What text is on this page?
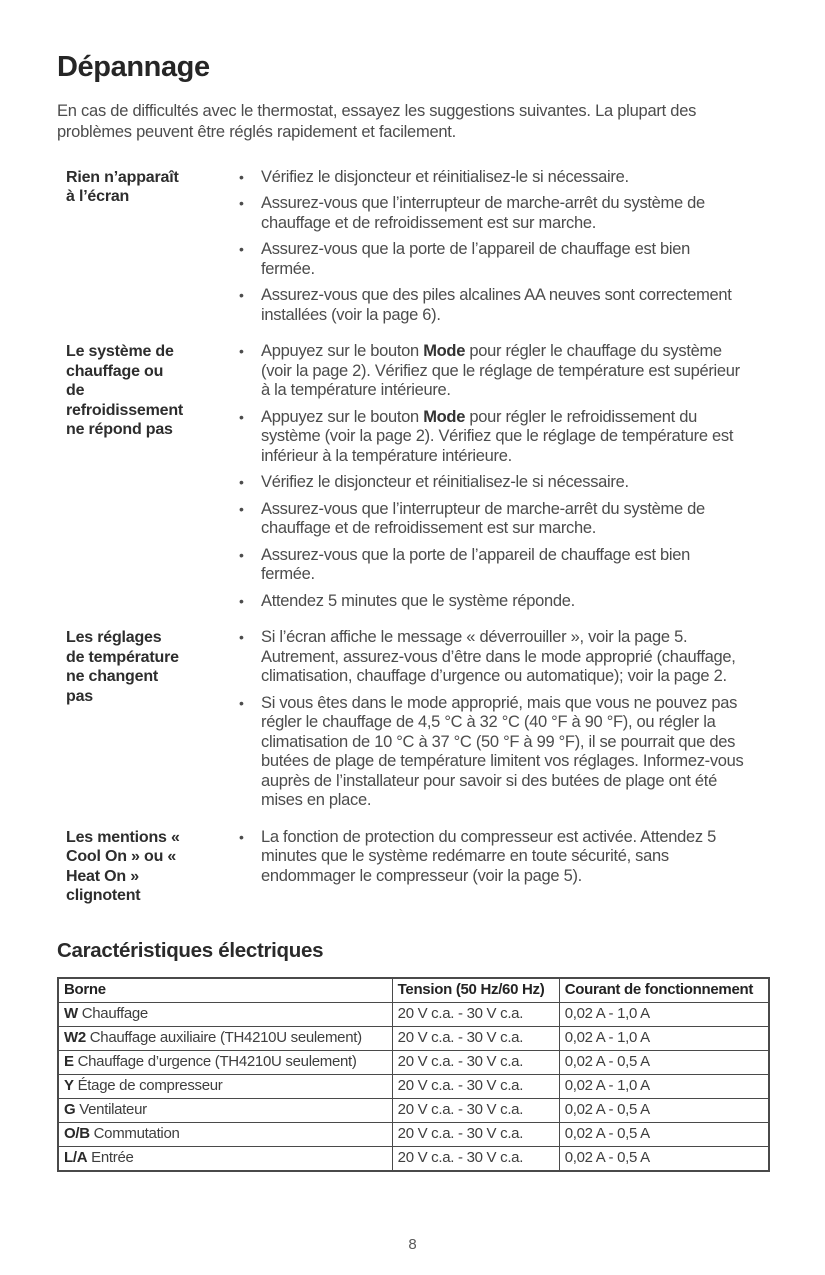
Dépannage

En cas de difficultés avec le thermostat, essayez les suggestions suivantes. La plupart des problèmes peuvent être réglés rapidement et facilement.

Rien n’apparaît à l’écran
•	Vérifiez le disjoncteur et réinitialisez-le si nécessaire.
•	Assurez-vous que l’interrupteur de marche-arrêt du système de chauffage et de refroidissement est sur marche.
•	Assurez-vous que la porte de l’appareil de chauffage est bien fermée.
•	Assurez-vous que des piles alcalines AA neuves sont correctement installées (voir la page 6).
Le système de chauffage ou de refroidissement ne répond pas
•	Appuyez sur le bouton Mode pour régler le chauffage du système (voir la page 2). Vérifiez que le réglage de température est supérieur à la température intérieure.
•	Appuyez sur le bouton Mode pour régler le refroidissement du système (voir la page 2). Vérifiez que le réglage de température est inférieur à la température intérieure.
•	Vérifiez le disjoncteur et réinitialisez-le si nécessaire.
•	Assurez-vous que l’interrupteur de marche-arrêt du système de chauffage et de refroidissement est sur marche.
•	Assurez-vous que la porte de l’appareil de chauffage est bien fermée.
•	Attendez 5 minutes que le système réponde.
Les réglages de température ne changent pas
•	Si l’écran affiche le message « déverrouiller », voir la page 5. Autrement, assurez-vous d’être dans le mode approprié (chauffage, climatisation, chauffage d’urgence ou automatique); voir la page 2.
•	Si vous êtes dans le mode approprié, mais que vous ne pouvez pas régler le chauffage de 4,5 °C à 32 °C (40 °F à 90 °F), ou régler la climatisation de 10 °C à 37 °C (50 °F à 99 °F), il se pourrait que des butées de plage de température limitent vos réglages. Informez-vous auprès de l’installateur pour savoir si des butées de plage ont été mises en place.
Les mentions « Cool On » ou « Heat On » clignotent
•	La fonction de protection du compresseur est activée. Attendez 5 minutes que le système redémarre en toute sécurité, sans endommager le compresseur (voir la page 5).
Caractéristiques électriques
Borne	Tension (50 Hz/60 Hz)	Courant de fonctionnement
W Chauffage	20 V c.a. - 30 V c.a.	0,02 A - 1,0 A
W2 Chauffage auxiliaire (TH4210U seulement)	20 V c.a. - 30 V c.a.	0,02 A - 1,0 A
E Chauffage d’urgence (TH4210U seulement)	20 V c.a. - 30 V c.a.	0,02 A - 0,5 A
Y Étage de compresseur	20 V c.a. - 30 V c.a.	0,02 A - 1,0 A
G Ventilateur	20 V c.a. - 30 V c.a.	0,02 A - 0,5 A
O/B Commutation	20 V c.a. - 30 V c.a.	0,02 A - 0,5 A
L/A Entrée	20 V c.a. - 30 V c.a.	0,02 A - 0,5 A
8
